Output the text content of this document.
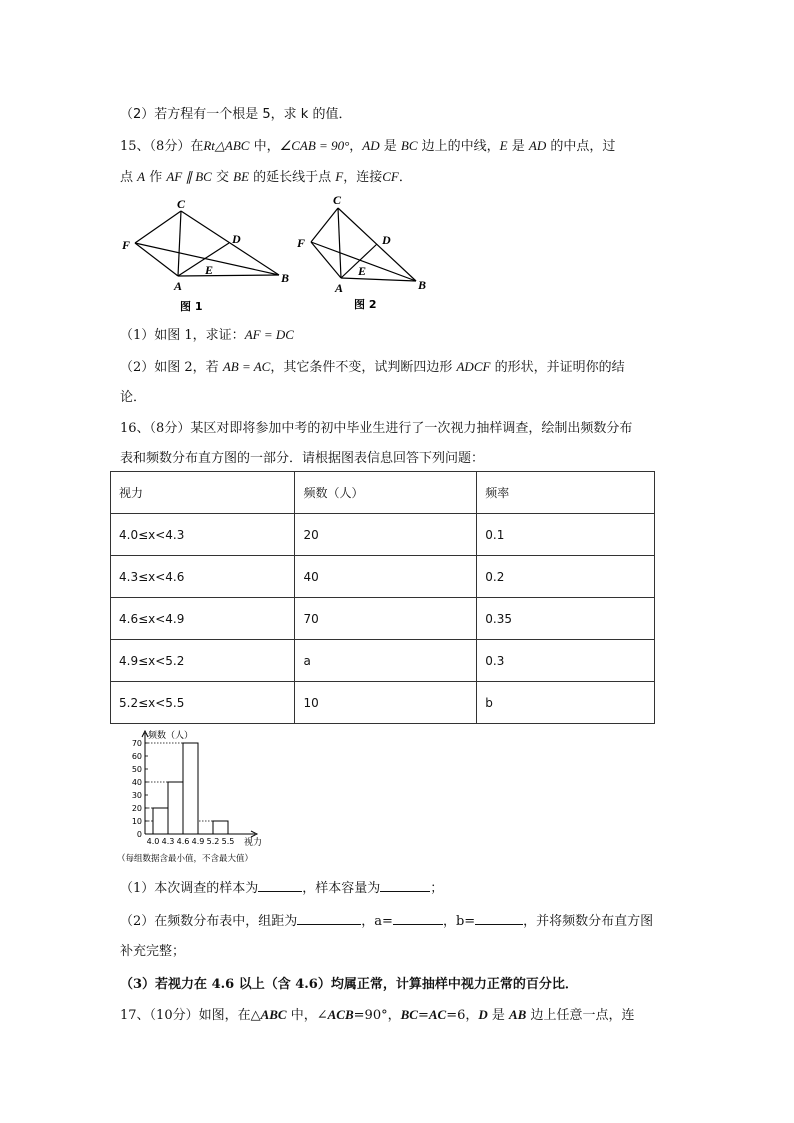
（2）若方程有一个根是 5，求 k 的值．
15、（8分）在Rt△ABC 中，∠CAB = 90°，AD 是 BC 边上的中线，E 是 AD 的中点，过
点 A 作 AF ∥ BC 交 BE 的延长线于点 F，连接CF．
C
F	D
E
A
B
图 1
C
F	D
E
A	B
图 2
（1）如图 1，求证：AF = DC
（2）如图 2，若 AB = AC，其它条件不变，试判断四边形 ADCF 的形状，并证明你的结
论．
16、（8分）某区对即将参加中考的初中毕业生进行了一次视力抽样调查，绘制出频数分布
表和频数分布直方图的一部分．请根据图表信息回答下列问题：
视力	频数（人）	频率
4.0≤x<4.3	20	0.1
4.3≤x<4.6	40	0.2
4.6≤x<4.9	70	0.35
4.9≤x<5.2	a	0.3
5.2≤x<5.5	10	b
频数（人）
视力
70
60
50
40
30
20
10
0
4.0 4.3 4.6 4.9 5.2 5.5
（每组数据含最小值，不含最大值）
（1）本次调查的样本为	，样本容量为	；
（2）在频数分布表中，组距为	，a=	，b=	，并将频数分布直方图
补充完整；
（3）若视力在 4.6 以上（含 4.6）均属正常，计算抽样中视力正常的百分比．
17、（10分）如图，在△ABC 中，∠ACB=90°，BC=AC=6，D 是 AB 边上任意一点，连
